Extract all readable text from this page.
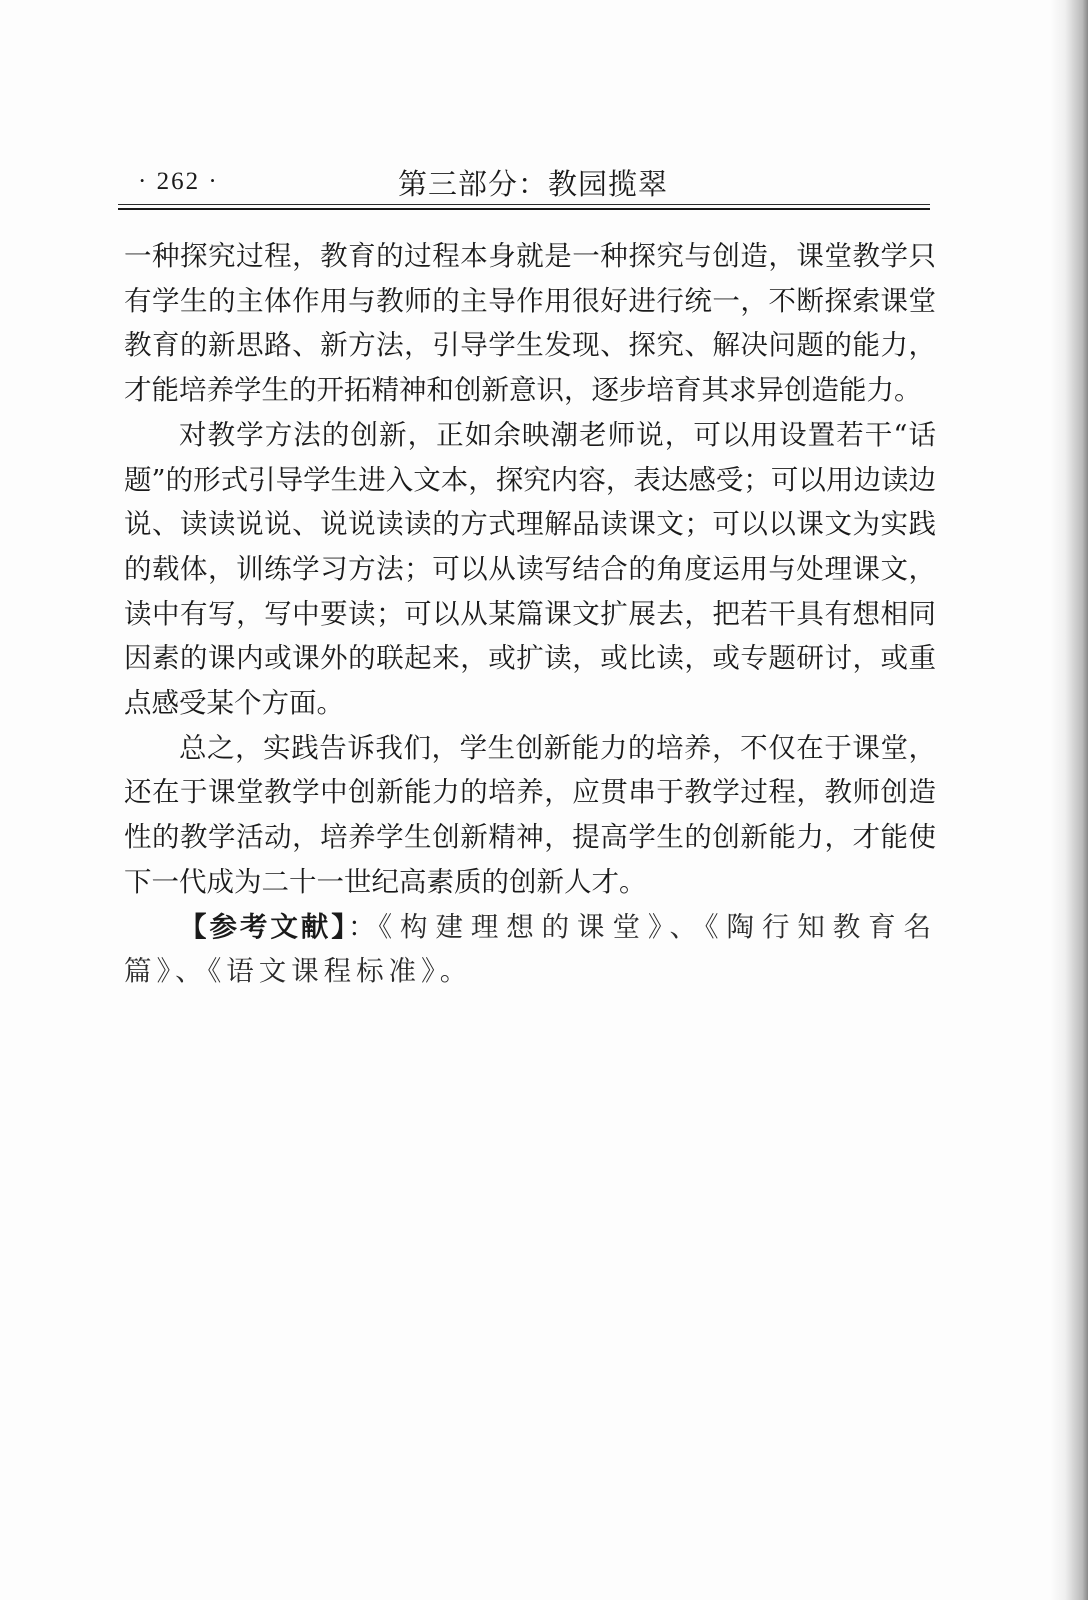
· 262 ·	第三部分：教园揽翠

一种探究过程，教育的过程本身就是一种探究与创造，课堂教学只有学生的主体作用与教师的主导作用很好进行统一，不断探索课堂教育的新思路、新方法，引导学生发现、探究、解决问题的能力，才能培养学生的开拓精神和创新意识，逐步培育其求异创造能力。

对教学方法的创新，正如余映潮老师说，可以用设置若干“话题”的形式引导学生进入文本，探究内容，表达感受；可以用边读边说、读读说说、说说读读的方式理解品读课文；可以以课文为实践的载体，训练学习方法；可以从读写结合的角度运用与处理课文，读中有写，写中要读；可以从某篇课文扩展去，把若干具有想相同因素的课内或课外的联起来，或扩读，或比读，或专题研讨，或重点感受某个方面。

总之，实践告诉我们，学生创新能力的培养，不仅在于课堂，还在于课堂教学中创新能力的培养，应贯串于教学过程，教师创造性的教学活动，培养学生创新精神，提高学生的创新能力，才能使下一代成为二十一世纪高素质的创新人才。

【参考文献】：《构建理想的课堂》、《陶行知教育名篇》、《语文课程标准》。
